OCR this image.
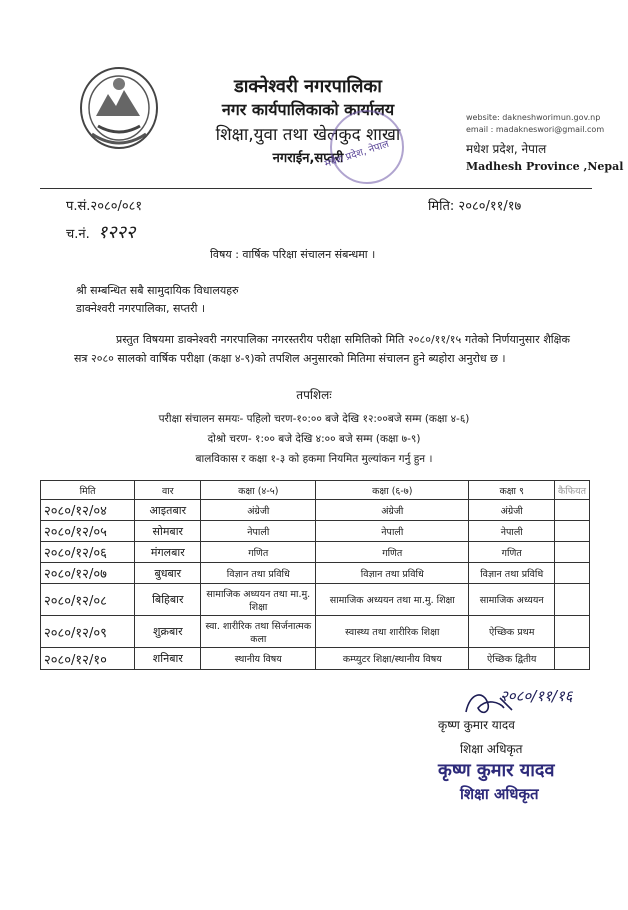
डाक्नेश्वरी नगरपालिका
नगर कार्यपालिकाको कार्यालय
शिक्षा,युवा तथा खेलकुद शाखा
नगराईन,सप्तरी
मधेश प्रदेश, नेपाल
website: dakneshworimun.gov.np
email : madakneswori@gmail.com
मधेश प्रदेश, नेपाल
Madhesh Province ,Nepal
प.सं.२०८०/०८१
च.नं. १२२२
मिति: २०८०/११/१७
विषय : वार्षिक परिक्षा संचालन संबन्धमा ।
श्री सम्बन्धित सबै सामुदायिक विधालयहरु
डाक्नेश्वरी नगरपालिका, सप्तरी ।
प्रस्तुत विषयमा डाक्नेश्वरी नगरपालिका नगरस्तरीय परीक्षा समितिको मिति २०८०/११/१५ गतेको निर्णयानुसार शैक्षिक सत्र २०८० सालको वार्षिक परीक्षा (कक्षा ४-९)को तपशिल अनुसारको मितिमा संचालन हुने ब्यहोरा अनुरोध छ ।
तपशिलः
परीक्षा संचालन समयः- पहिलो चरण-१०:०० बजे देखि १२:००बजे सम्म (कक्षा ४-६)
दोश्रो चरण- १:०० बजे देखि ४:०० बजे सम्म (कक्षा ७-९)
बालविकास र कक्षा १-३ को हकमा नियमित मुल्यांकन गर्नु हुन ।
मिति	वार	कक्षा (४-५)	कक्षा (६-७)	कक्षा ९	कैफियत
२०८०/१२/०४	आइतबार	अंग्रेजी	अंग्रेजी	अंग्रेजी	
२०८०/१२/०५	सोमबार	नेपाली	नेपाली	नेपाली	
२०८०/१२/०६	मंगलबार	गणित	गणित	गणित	
२०८०/१२/०७	बुधबार	विज्ञान तथा प्रविधि	विज्ञान तथा प्रविधि	विज्ञान तथा प्रविधि	
२०८०/१२/०८	बिहिबार	सामाजिक अध्ययन तथा मा.मु. शिक्षा	सामाजिक अध्ययन तथा मा.मु. शिक्षा	सामाजिक अध्ययन	
२०८०/१२/०९	शुक्रबार	स्वा. शारीरिक तथा सिर्जनात्मक कला	स्वास्थ्य तथा शारीरिक शिक्षा	ऐच्छिक प्रथम	
२०८०/१२/१०	शनिबार	स्थानीय विषय	कम्प्युटर शिक्षा/स्थानीय विषय	ऐच्छिक द्वितीय	
२०८०/११/१६
कृष्ण कुमार यादव
शिक्षा अधिकृत
कृष्ण कुमार यादव
शिक्षा अधिकृत
